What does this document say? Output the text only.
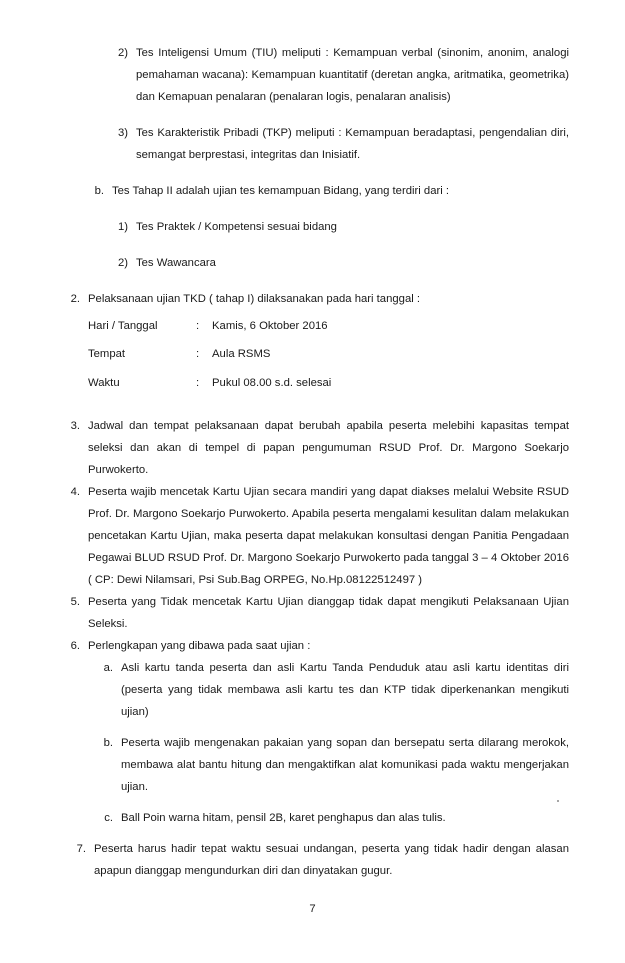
2) Tes Inteligensi Umum (TIU) meliputi : Kemampuan verbal (sinonim, anonim, analogi pemahaman wacana): Kemampuan kuantitatif (deretan angka, aritmatika, geometrika) dan Kemapuan penalaran (penalaran logis, penalaran analisis)
3) Tes Karakteristik Pribadi (TKP) meliputi : Kemampuan beradaptasi, pengendalian diri, semangat berprestasi, integritas dan Inisiatif.
b. Tes Tahap II adalah ujian tes kemampuan Bidang, yang terdiri dari :
1) Tes Praktek / Kompetensi sesuai bidang
2) Tes Wawancara
2. Pelaksanaan ujian TKD ( tahap I) dilaksanakan pada hari tanggal :
Hari / Tanggal	:	Kamis, 6 Oktober 2016
Tempat	:	Aula RSMS
Waktu	:	Pukul 08.00 s.d. selesai
3. Jadwal dan tempat pelaksanaan dapat berubah apabila peserta melebihi kapasitas tempat seleksi dan akan di tempel di papan pengumuman RSUD Prof. Dr. Margono Soekarjo Purwokerto.
4. Peserta wajib mencetak Kartu Ujian secara mandiri yang dapat diakses melalui Website RSUD Prof. Dr. Margono Soekarjo Purwokerto. Apabila peserta mengalami kesulitan dalam melakukan pencetakan Kartu Ujian, maka peserta dapat melakukan konsultasi dengan Panitia Pengadaan Pegawai BLUD RSUD Prof. Dr. Margono Soekarjo Purwokerto pada tanggal 3 – 4 Oktober 2016 ( CP: Dewi Nilamsari, Psi Sub.Bag ORPEG, No.Hp.08122512497 )
5. Peserta yang Tidak mencetak Kartu Ujian dianggap tidak dapat mengikuti Pelaksanaan Ujian Seleksi.
6. Perlengkapan yang dibawa pada saat ujian :
a. Asli kartu tanda peserta dan asli Kartu Tanda Penduduk atau asli kartu identitas diri (peserta yang tidak membawa asli kartu tes dan KTP tidak diperkenankan mengikuti ujian)
b. Peserta wajib mengenakan pakaian yang sopan dan bersepatu serta dilarang merokok, membawa alat bantu hitung dan mengaktifkan alat komunikasi pada waktu mengerjakan ujian.
c. Ball Poin warna hitam, pensil 2B, karet penghapus dan alas tulis.
7. Peserta harus hadir tepat waktu sesuai undangan, peserta yang tidak hadir dengan alasan apapun dianggap mengundurkan diri dan dinyatakan gugur.
7
